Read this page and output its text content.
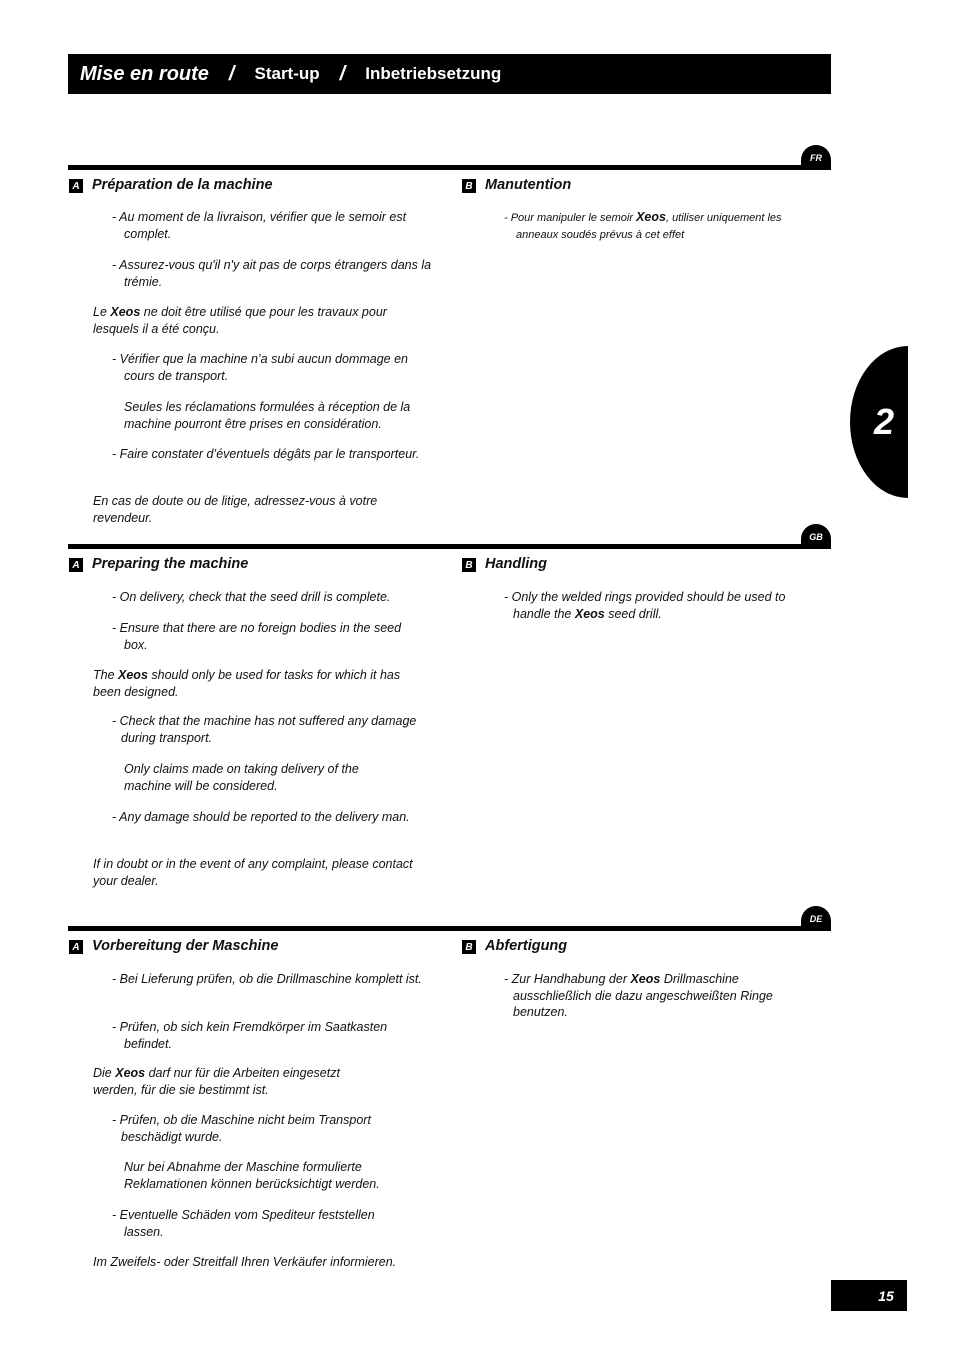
Mise en route / Start-up / Inbetriebsetzung
2
FR
A Préparation de la machine

- Au moment de la livraison, vérifier que le semoir est complet.

- Assurez-vous qu'il n'y ait pas de corps étrangers dans la trémie.

Le Xeos ne doit être utilisé que pour les travaux pour lesquels il a été conçu.

- Vérifier que la machine n’a subi aucun dommage en cours de transport.

Seules les réclamations formulées à réception de la machine pourront être prises en considération.

- Faire constater d’éventuels dégâts par le transporteur.

En cas de doute ou de litige, adressez-vous à votre revendeur.

B Manutention

- Pour manipuler le semoir Xeos, utiliser uniquement les anneaux soudés prévus à cet effet

GB
A Preparing the machine

- On delivery, check that the seed drill is complete.

- Ensure that there are no foreign bodies in the seed box.

The Xeos should only be used for tasks for which it has been designed.

- Check that the machine has not suffered any damage during transport.

Only claims made on taking delivery of the machine will be considered.

- Any damage should be reported to the delivery man.

If in doubt or in the event of any complaint, please contact your dealer.

B Handling

- Only the welded rings provided should be used to handle the Xeos seed drill.

DE
A Vorbereitung der Maschine

- Bei Lieferung prüfen, ob die Drillmaschine komplett ist.

- Prüfen, ob sich kein Fremdkörper im Saatkasten befindet.

Die Xeos darf nur für die Arbeiten eingesetzt werden, für die sie bestimmt ist.

- Prüfen, ob die Maschine nicht beim Transport beschädigt wurde.

Nur bei Abnahme der Maschine formulierte Reklamationen können berücksichtigt werden.

- Eventuelle Schäden vom Spediteur feststellen lassen.

Im Zweifels- oder Streitfall Ihren Verkäufer informieren.

B Abfertigung

- Zur Handhabung der Xeos Drillmaschine ausschließlich die dazu angeschweißten Ringe benutzen.

15
